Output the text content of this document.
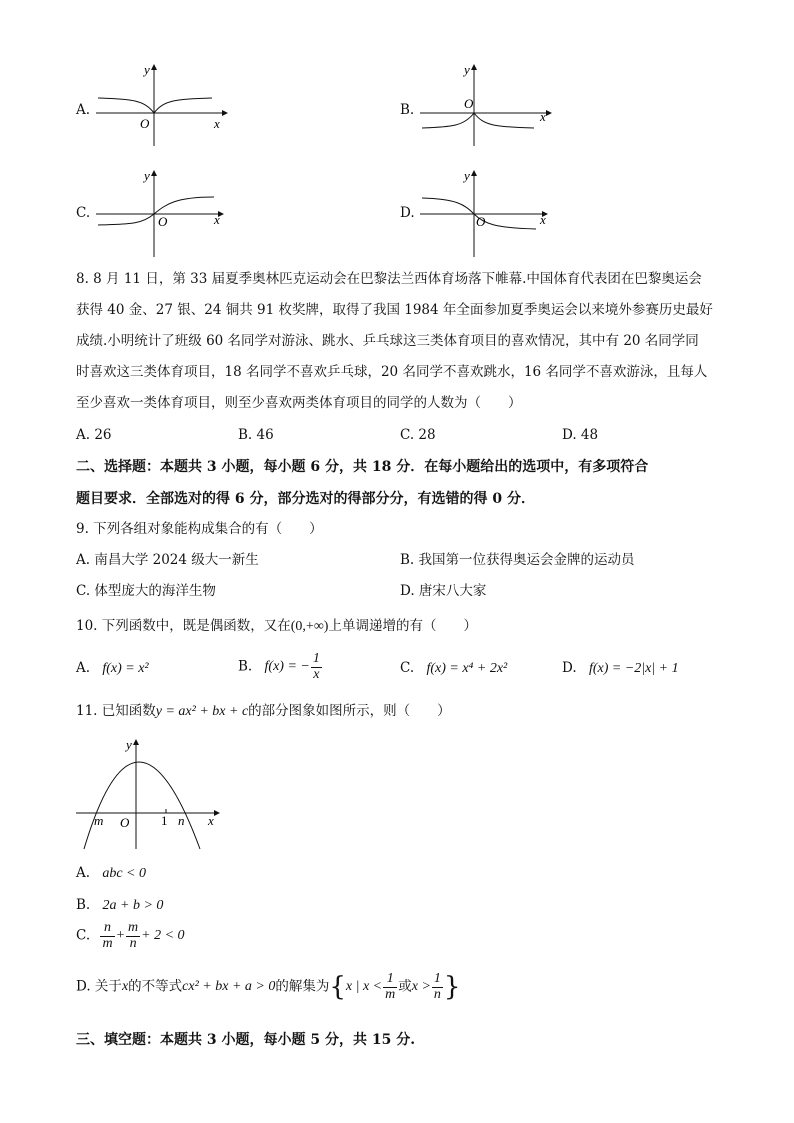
A.
y
x
O
B.
y
x
O
C.
y
x
O
D.
y
x
O
8. 8 月 11 日，第 33 届夏季奥林匹克运动会在巴黎法兰西体育场落下帷幕.中国体育代表团在巴黎奥运会
获得 40 金、27 银、24 铜共 91 枚奖牌，取得了我国 1984 年全面参加夏季奥运会以来境外参赛历史最好
成绩.小明统计了班级 60 名同学对游泳、跳水、乒乓球这三类体育项目的喜欢情况，其中有 20 名同学同
时喜欢这三类体育项目，18 名同学不喜欢乒乓球，20 名同学不喜欢跳水，16 名同学不喜欢游泳，且每人
至少喜欢一类体育项目，则至少喜欢两类体育项目的同学的人数为（　　）
A. 26	B. 46	C. 28	D. 48
二、选择题：本题共 3 小题，每小题 6 分，共 18 分．在每小题给出的选项中，有多项符合
题目要求．全部选对的得 6 分，部分选对的得部分分，有选错的得 0 分．
9. 下列各组对象能构成集合的有（　　）
A. 南昌大学 2024 级大一新生	B. 我国第一位获得奥运会金牌的运动员
C. 体型庞大的海洋生物	D. 唐宋八大家
10. 下列函数中，既是偶函数，又在(0,+∞)上单调递增的有（　　）
A. f(x) = x²	B. f(x) = − $\frac{1}{x}$	C. f(x) = x⁴ + 2x²	D. f(x) = −2|x| + 1
11. 已知函数y = ax² + bx + c的部分图象如图所示，则（　　）
y
x
m O 1 n
A. abc < 0
B. 2a + b > 0
C. $\frac{n}{m} + \frac{m}{n} + 2 < 0$
D. 关于x的不等式cx² + bx + a > 0的解集为{x | $x < \frac{1}{m}$ 或$x > \frac{1}{n}$ }
三、填空题：本题共 3 小题，每小题 5 分，共 15 分.
